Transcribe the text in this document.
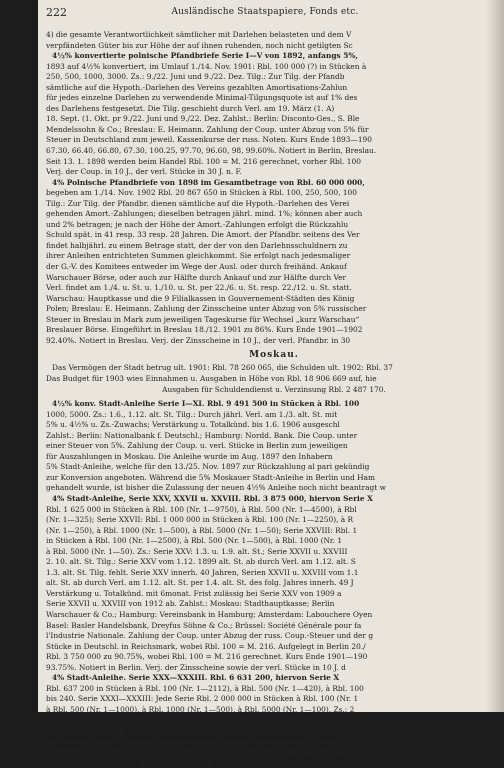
222	Ausländische Staatspapiere, Fonds etc.

4) die gesamte Verantwortlichkeit sämtlicher mit Darlehen belasteten und dem V

verpfändeten Güter bis zur Höhe der auf ihnen ruhenden, noch nicht getilgten Sc

4½% konvertierte polnische Pfandbriefe Serie I—V von 1892, anfangs 5%,

1893 auf 4½% konvertiert, im Umlauf 1./14. Nov. 1901: Rbl. 100 000 (?) in Stücken à

250, 500, 1000, 3000. Zs.: 9./22. Juni und 9./22. Dez. Tilg.: Zur Tilg. der Pfandb

sämtliche auf die Hypoth.-Darlehen des Vereins gezahlten Amortisations-Zahlun

für jedes einzelne Darlehen zu verwendende Minimal-Tilgungsquote ist auf 1% des

des Darlehens festgesetzt. Die Tilg. geschieht durch Verl. am 19. März (1. A)

18. Sept. (1. Okt. pr 9./22. Juni und 9./22. Dez. Zahlst.: Berlin: Disconto-Ges., S. Ble

Mendelssohn & Co.; Breslau: E. Heimann. Zahlung der Coup. unter Abzug von 5% für

Steuer in Deutschland zum jeweil. Kassenkurse der russ. Noten. Kurs Ende 1893—190

67.30, 66.40, 66.80, 67.30, 100.25, 97.70, 96.60, 98, 99.60%. Notiert in Berlin, Breslau.

Seit 13. 1. 1898 werden beim Handel Rbl. 100 = M. 216 gerechnet, vorher Rbl. 100

Verj. der Coup. in 10 J., der verl. Stücke in 30 J. n. F.

4% Polnische Pfandbriefe von 1898 im Gesamtbetrage von Rbl. 60 000 000,

begeben am 1./14. Nov. 1902 Rbl. 20 867 650 in Stücken à Rbl. 100, 250, 500, 100

Tilg.: Zur Tilg. der Pfandbr. dienen sämtliche auf die Hypoth.-Darlehen des Verei

gehenden Amort.-Zahlungen; dieselben betragen jährl. mind. 1%; können aber auch

und 2% betragen; je nach der Höhe der Amort.-Zahlungen erfolgt die Rückzahlu

Schuld spät. in 41 resp. 33 resp. 28 Jahren. Die Amort. der Pfandbr. seitens des Ver

findet halbjährl. zu einem Betrage statt, der der von den Darlehnsschuldnern zu

ihrer Anleihen entrichteten Summen gleichkommt. Sie erfolgt nach jedesmaliger

der G.-V. des Komitees entweder im Wege der Ausl. oder durch freihänd. Ankauf

Warschauer Börse, oder auch zur Hälfte durch Ankauf und zur Hälfte durch Ver

Verl. findet am 1./4. u. St. u. 1./10. u. St. per 22./6. u. St. resp. 22./12. u. St. statt.

Warschau: Hauptkasse und die 9 Filialkassen in Gouvernement-Städten des König

Polen; Breslau: E. Heimann. Zahlung der Zinsscheine unter Abzug von 5% russischer

Steuer in Breslau in Mark zum jeweiligen Tageskurse für Wechsel „kurz Warschau“

Breslauer Börse. Eingeführt in Breslau 18./12. 1901 zu 86%. Kurs Ende 1901—1902

92.40%. Notiert in Breslau. Verj. der Zinsscheine in 10 J., der verl. Pfandbr. in 30

Moskau.

Das Vermögen der Stadt betrug ult. 1901: Rbl. 78 260 065, die Schulden ult. 1902: Rbl. 37

Das Budget für 1903 wies Einnahmen u. Ausgaben in Höhe von Rbl. 18 906 669 auf, hie

Ausgaben für Schuldendienst u. Verzinsung Rbl. 2 487 170.

4½% konv. Stadt-Anleihe Serie I—XI. Rbl. 9 491 500 in Stücken à Rbl. 100

1000, 5000. Zs.: 1.6., 1.12. alt. St. Tilg.: Durch jährl. Verl. am 1./3. alt. St. mit

5% u. 4½% u. Zs.-Zuwachs; Verstärkung u. Totalkünd. bis 1.6. 1906 ausgeschl

Zahlst.: Berlin: Nationalbank f. Deutschl.; Hamburg: Nordd. Bank. Die Coup. unter

einer Steuer von 5%. Zahlung der Coup. u. verl. Stücke in Berlin zum jeweiligen

für Auszahlungen in Moskau. Die Anleihe wurde im Aug. 1897 den Inhabern

5% Stadt-Anleihe, welche für den 13./25. Nov. 1897 zur Rückzahlung al pari gekündig

zur Konversion angeboten. Während die 5% Moskauer Stadt-Anleihe in Berlin und Ham

gehandelt wurde, ist bisher die Zulassung der neuen 4½% Anleihe noch nicht beantragt w

4% Stadt-Anleihe, Serie XXV, XXVII u. XXVIII. Rbl. 3 875 000, hiervon Serie X

Rbl. 1 625 000 in Stücken à Rbl. 100 (Nr. 1—9750), à Rbl. 500 (Nr. 1—4500), à Rbl

(Nr. 1—325); Serie XXVII: Rbl. 1 000 000 in Stücken à Rbl. 100 (Nr. 1—2250), à R

(Nr. 1—250), à Rbl. 1000 (Nr. 1—500), à Rbl. 5000 (Nr. 1—50); Serie XXVIII: Rbl. 1

in Stücken à Rbl. 100 (Nr. 1—2500), à Rbl. 500 (Nr. 1—500), à Rbl. 1000 (Nr. 1

à Rbl. 5000 (Nr. 1—50). Zs.: Serie XXV: 1.3. u. 1.9. alt. St.; Serie XXVII u. XXVIII

2. 10. alt. St. Tilg.: Serie XXV vom 1.12. 1899 alt. St. ab durch Verl. am 1.12. alt. S

1.3. alt. St. Tilg. fehlt. Serie XXV innerh. 40 Jahren, Serien XXVII u. XXVIII vom 1.1

alt. St. ab durch Verl. am 1.12. alt. St. per 1.4. alt. St. des folg. Jahres innerh. 49 J

Verstärkung u. Totalkünd. mit 6monat. Frist zulässig bei Serie XXV von 1909 a

Serie XXVII u. XXVIII von 1912 ab. Zahlst.: Moskau: Stadthauptkasse; Berlin

Warschauer & Co.; Hamburg: Vereinsbank in Hamburg; Amsterdam: Labouchere Oyen

Basel: Basler Handelsbank, Dreyfus Söhne & Co.; Brüssel: Société Générale pour fa

l'Industrie Nationale. Zahlung der Coup. unter Abzug der russ. Coup.-Steuer und der g

Stücke in Deutschl. in Reichsmark, wobei Rbl. 100 = M. 216. Aufgelegt in Berlin 20./

Rbl. 3 750 000 zu 90.75%, wobei Rbl. 100 = M. 216 gerechnet. Kurs Ende 1901—190

93.75%. Notiert in Berlin. Verj. der Zinsscheine sowie der verl. Stücke in 10 J. d

4% Stadt-Anleihe. Serie XXX—XXXIII. Rbl. 6 631 200, hiervon Serie X

Rbl. 637 200 in Stücken à Rbl. 100 (Nr. 1—2112), à Rbl. 500 (Nr. 1—420), à Rbl. 100

bis 240. Serie XXXI—XXXIII: Jede Serie Rbl. 2 000 000 in Stücken à Rbl. 100 (Nr. 1

à Rbl. 500 (Nr. 1—1000), à Rbl. 1000 (Nr. 1—500), à Rbl. 5000 (Nr. 1—100). Zs.: 2

alt. St. Tilg.: Vom 2.10. 1902 alt. St. ab durch Verl. am 2.10. alt. St. per 2.1. d

Jahres alt. St. innerh. 49 Jahren. Verstärkung u. Totalkünd. mit 6 monat. Frist v

ab zulässig. Zahlst.: Moskau: Stadthauptkasse; Berlin: Nationalbank f. Deutschl.; H

L. Behrens & Söhne; Frankf. a. M.: Deutsche Eff.- u. Wechsel-Bank; Amsterdam: W

& Gompertz, Twentsche Bankvereeniging, B. W. Blijdenstein & Co.; Paris: Comptoir N
